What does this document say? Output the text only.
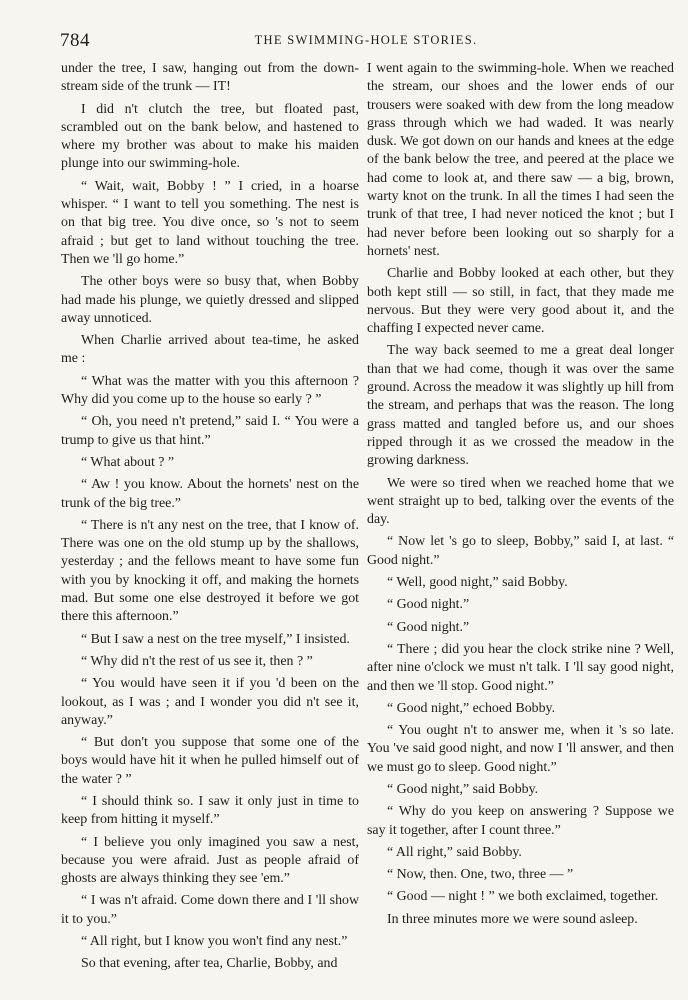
784	THE SWIMMING-HOLE STORIES.

under the tree, I saw, hanging out from the down-stream side of the trunk — IT!

I did n't clutch the tree, but floated past, scrambled out on the bank below, and hastened to where my brother was about to make his maiden plunge into our swimming-hole.

“ Wait, wait, Bobby ! ” I cried, in a hoarse whisper. “ I want to tell you something. The nest is on that big tree. You dive once, so 's not to seem afraid ; but get to land without touching the tree. Then we 'll go home.”

The other boys were so busy that, when Bobby had made his plunge, we quietly dressed and slipped away unnoticed.

When Charlie arrived about tea-time, he asked me :

“ What was the matter with you this afternoon ? Why did you come up to the house so early ? ”

“ Oh, you need n't pretend,” said I. “ You were a trump to give us that hint.”

“ What about ? ”

“ Aw ! you know. About the hornets' nest on the trunk of the big tree.”

“ There is n't any nest on the tree, that I know of. There was one on the old stump up by the shallows, yesterday ; and the fellows meant to have some fun with you by knocking it off, and making the hornets mad. But some one else destroyed it before we got there this afternoon.”

“ But I saw a nest on the tree myself,” I insisted.

“ Why did n't the rest of us see it, then ? ”

“ You would have seen it if you 'd been on the lookout, as I was ; and I wonder you did n't see it, anyway.”

“ But don't you suppose that some one of the boys would have hit it when he pulled himself out of the water ? ”

“ I should think so. I saw it only just in time to keep from hitting it myself.”

“ I believe you only imagined you saw a nest, because you were afraid. Just as people afraid of ghosts are always thinking they see 'em.”

“ I was n't afraid. Come down there and I 'll show it to you.”

“ All right, but I know you won't find any nest.”

So that evening, after tea, Charlie, Bobby, and

I went again to the swimming-hole. When we reached the stream, our shoes and the lower ends of our trousers were soaked with dew from the long meadow grass through which we had waded. It was nearly dusk. We got down on our hands and knees at the edge of the bank below the tree, and peered at the place we had come to look at, and there saw — a big, brown, warty knot on the trunk. In all the times I had seen the trunk of that tree, I had never noticed the knot ; but I had never before been looking out so sharply for a hornets' nest.

Charlie and Bobby looked at each other, but they both kept still — so still, in fact, that they made me nervous. But they were very good about it, and the chaffing I expected never came.

The way back seemed to me a great deal longer than that we had come, though it was over the same ground. Across the meadow it was slightly up hill from the stream, and perhaps that was the reason. The long grass matted and tangled before us, and our shoes ripped through it as we crossed the meadow in the growing darkness.

We were so tired when we reached home that we went straight up to bed, talking over the events of the day.

“ Now let 's go to sleep, Bobby,” said I, at last. “ Good night.”

“ Well, good night,” said Bobby.

“ Good night.”

“ Good night.”

“ There ; did you hear the clock strike nine ? Well, after nine o'clock we must n't talk. I 'll say good night, and then we 'll stop. Good night.”

“ Good night,” echoed Bobby.

“ You ought n't to answer me, when it 's so late. You 've said good night, and now I 'll answer, and then we must go to sleep. Good night.”

“ Good night,” said Bobby.

“ Why do you keep on answering ? Suppose we say it together, after I count three.”

“ All right,” said Bobby.

“ Now, then. One, two, three — ”

“ Good — night ! ” we both exclaimed, together.

In three minutes more we were sound asleep.
